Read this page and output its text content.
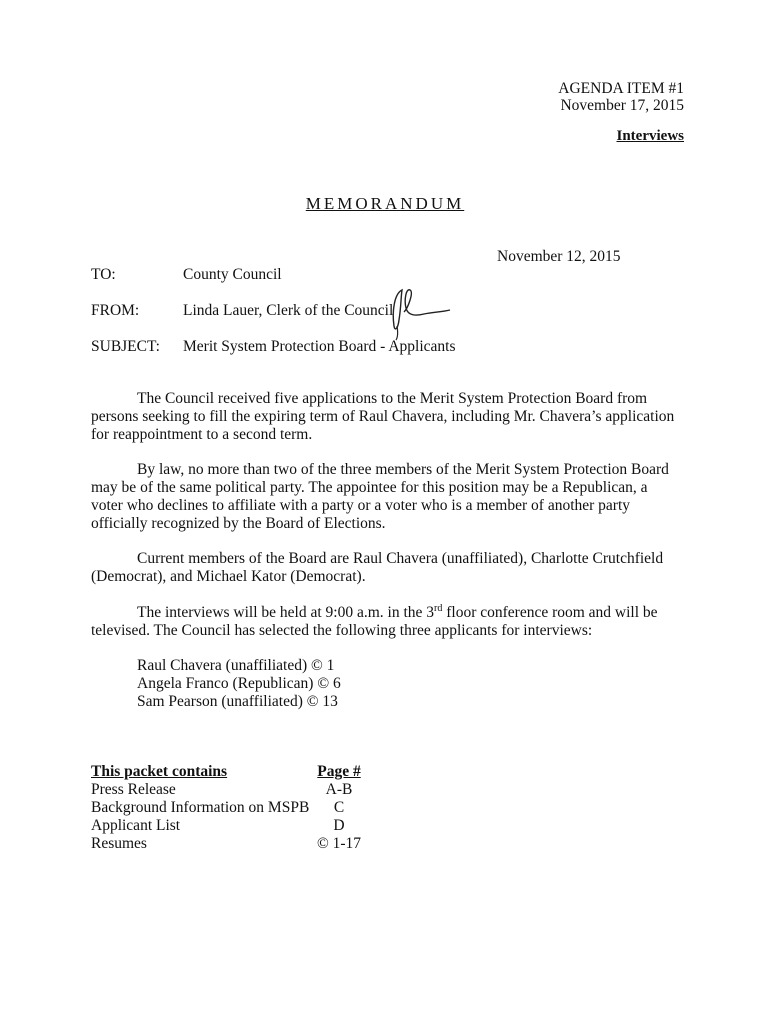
AGENDA ITEM #1
November 17, 2015
Interviews
MEMORANDUM
November 12, 2015
TO:	County Council
FROM:	Linda Lauer, Clerk of the Council
SUBJECT: Merit System Protection Board - Applicants
The Council received five applications to the Merit System Protection Board from persons seeking to fill the expiring term of Raul Chavera, including Mr. Chavera’s application for reappointment to a second term.
By law, no more than two of the three members of the Merit System Protection Board may be of the same political party. The appointee for this position may be a Republican, a voter who declines to affiliate with a party or a voter who is a member of another party officially recognized by the Board of Elections.
Current members of the Board are Raul Chavera (unaffiliated), Charlotte Crutchfield (Democrat), and Michael Kator (Democrat).
The interviews will be held at 9:00 a.m. in the 3rd floor conference room and will be televised. The Council has selected the following three applicants for interviews:
Raul Chavera (unaffiliated) © 1
Angela Franco (Republican) © 6
Sam Pearson (unaffiliated) © 13
This packet contains
Press Release
Background Information on MSPB
Applicant List
Resumes
Page #
A-B
C
D
© 1-17
